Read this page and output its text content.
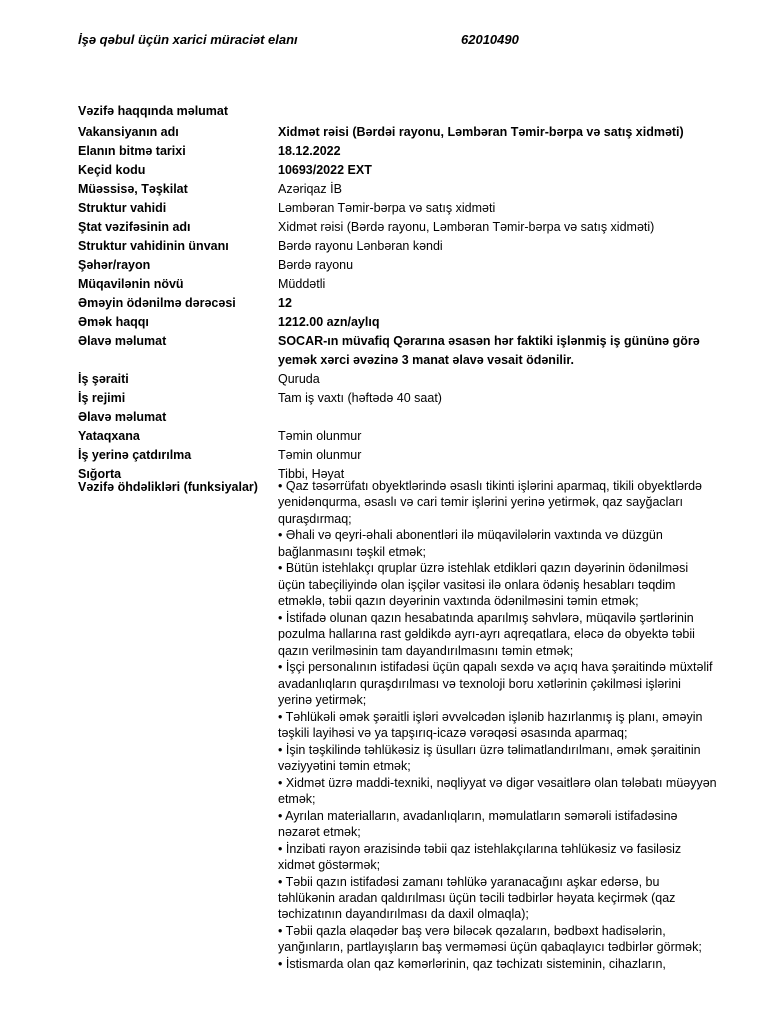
İşə qəbul üçün xarici müraciət elanı	62010490
Vəzifə haqqında məlumat
Vakansiyanın adı	Xidmət rəisi (Bərdəi rayonu, Ləmbəran Təmir-bərpa və satış xidməti)
Elanın bitmə tarixi	18.12.2022
Keçid kodu	10693/2022 EXT
Müəssisə, Təşkilat	Azəriqaz İB
Struktur vahidi	Ləmbəran Təmir-bərpa və satış xidməti
Ştat vəzifəsinin adı	Xidmət rəisi (Bərdə rayonu, Ləmbəran Təmir-bərpa və satış xidməti)
Struktur vahidinin ünvanı	Bərdə rayonu Lənbəran kəndi
Şəhər/rayon	Bərdə rayonu
Müqavilənin növü	Müddətli
Əməyin ödənilmə dərəcəsi	12
Əmək haqqı	1212.00 azn/aylıq
Əlavə məlumat	SOCAR-ın müvafiq Qərarına əsasən hər faktiki işlənmiş iş gününə görə yemək xərci əvəzinə 3 manat əlavə vəsait ödənilir.
İş şəraiti	Quruda
İş rejimi	Tam iş vaxtı (həftədə 40 saat)
Əlavə məlumat
Yataqxana	Təmin olunmur
İş yerinə çatdırılma	Təmin olunmur
Sığorta	Tibbi, Həyat
Vəzifə öhdəlikləri (funksiyalar)	• Qaz təsərrüfatı obyektlərində əsaslı tikinti işlərini aparmaq, tikili obyektlərdə yenidənqurma, əsaslı və cari təmir işlərini yerinə yetirmək, qaz sayğacları quraşdırmaq;
• Əhali və qeyri-əhali abonentləri ilə müqavilələrin vaxtında və düzgün bağlanmasını təşkil etmək;
• Bütün istehlakçı qruplar üzrə istehlak etdikləri qazın dəyərinin ödənilməsi üçün tabeçiliyində olan işçilər vasitəsi ilə onlara ödəniş hesabları təqdim etməklə, təbii qazın dəyərinin vaxtında ödənilməsini təmin etmək;
• İstifadə olunan qazın hesabatında aparılmış səhvlərə, müqavilə şərtlərinin pozulma hallarına rast gəldikdə ayrı-ayrı aqreqatlara, eləcə də obyektə təbii qazın verilməsinin tam dayandırılmasını təmin etmək;
• İşçi personalının istifadəsi üçün qapalı sexdə və açıq hava şəraitində müxtəlif avadanlıqların quraşdırılması və texnoloji boru xətlərinin çəkilməsi işlərini yerinə yetirmək;
• Təhlükəli əmək şəraitli işləri əvvəlcədən işlənib hazırlanmış iş planı, əməyin təşkili layihəsi və ya tapşırıq-icazə vərəqəsi əsasında aparmaq;
• İşin təşkilində təhlükəsiz iş üsulları üzrə təlimatlandırılmanı, əmək şəraitinin vəziyyətini təmin etmək;
• Xidmət üzrə maddi-texniki, nəqliyyat və digər vəsaitlərə olan tələbatı müəyyən etmək;
• Ayrılan materialların, avadanlıqların, məmulatların səmərəli istifadəsinə nəzarət etmək;
• İnzibati rayon ərazisində təbii qaz istehlakçılarına təhlükəsiz və fasiləsiz xidmət göstərmək;
• Təbii qazın istifadəsi zamanı təhlükə yaranacağını aşkar edərsə, bu təhlükənin aradan qaldırılması üçün təcili tədbirlər həyata keçirmək (qaz təchizatının dayandırılması da daxil olmaqla);
• Təbii qazla əlaqədər baş verə biləcək qəzaların, bədbəxt hadisələrin, yanğınların, partlayışların baş verməməsi üçün qabaqlayıcı tədbirlər görmək;
• İstismarda olan qaz kəmərlərinin, qaz təchizatı sisteminin, cihazların,
